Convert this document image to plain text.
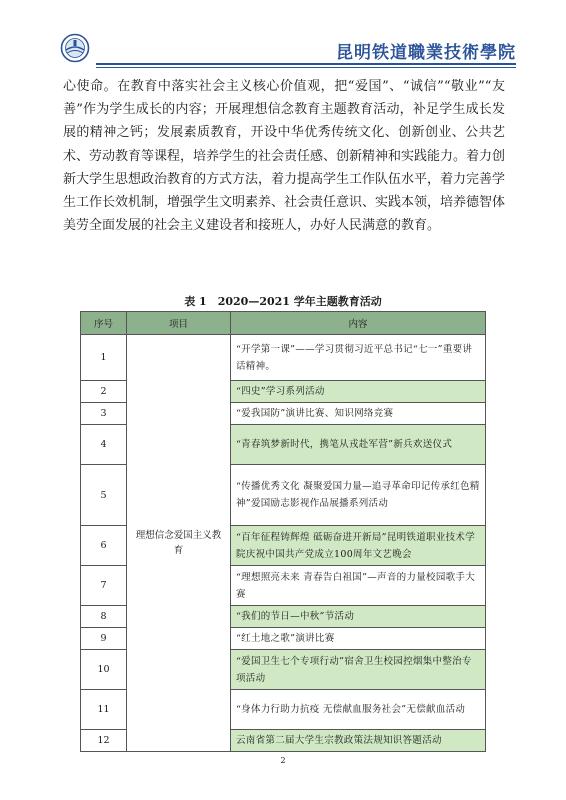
昆明铁道職業技術學院

心使命。在教育中落实社会主义核心价值观，把“爱国”、“诚信”“敬业”“友善”作为学生成长的内容；开展理想信念教育主题教育活动，补足学生成长发展的精神之钙；发展素质教育，开设中华优秀传统文化、创新创业、公共艺术、劳动教育等课程，培养学生的社会责任感、创新精神和实践能力。着力创新大学生思想政治教育的方式方法，着力提高学生工作队伍水平，着力完善学生工作长效机制，增强学生文明素养、社会责任意识、实践本领，培养德智体美劳全面发展的社会主义建设者和接班人，办好人民满意的教育。

表 1　2020—2021 学年主题教育活动
序号	项目	内容
1	理想信念爱国主义教育	“开学第一课”——学习贯彻习近平总书记“七一”重要讲话精神。
2		“四史”学习系列活动
3		“爱我国防”演讲比赛、知识网络竞赛
4		“青春筑梦新时代，携笔从戎赴军营”新兵欢送仪式
5		“传播优秀文化 凝聚爱国力量—追寻革命印记传承红色精神”爱国励志影视作品展播系列活动
6		“百年征程铸辉煌 砥砺奋进开新局”昆明铁道职业技术学院庆祝中国共产党成立100周年文艺晚会
7		“理想照亮未来 青春告白祖国”—声音的力量校园歌手大赛
8		“我们的节日—中秋”节活动
9		“红土地之歌”演讲比赛
10		“爱国卫生七个专项行动”宿舍卫生校园控烟集中整治专项活动
11		“身体力行助力抗疫 无偿献血服务社会”无偿献血活动
12		云南省第二届大学生宗教政策法规知识答题活动
2
